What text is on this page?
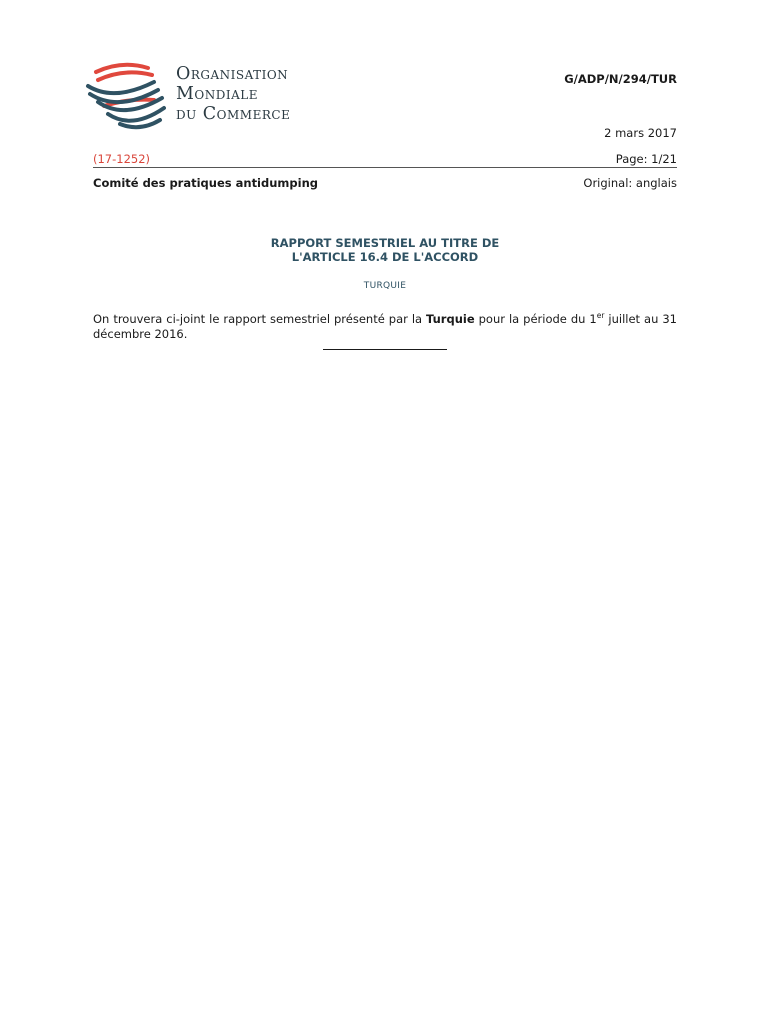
Organisation
Mondiale
du Commerce
G/ADP/N/294/TUR
2 mars 2017
(17-1252)	Page: 1/21
Comité des pratiques antidumping	Original: anglais
RAPPORT SEMESTRIEL AU TITRE DE
L'ARTICLE 16.4 DE L'ACCORD
TURQUIE

On trouvera ci-joint le rapport semestriel présenté par la Turquie pour la période du 1er juillet au 31 décembre 2016.
